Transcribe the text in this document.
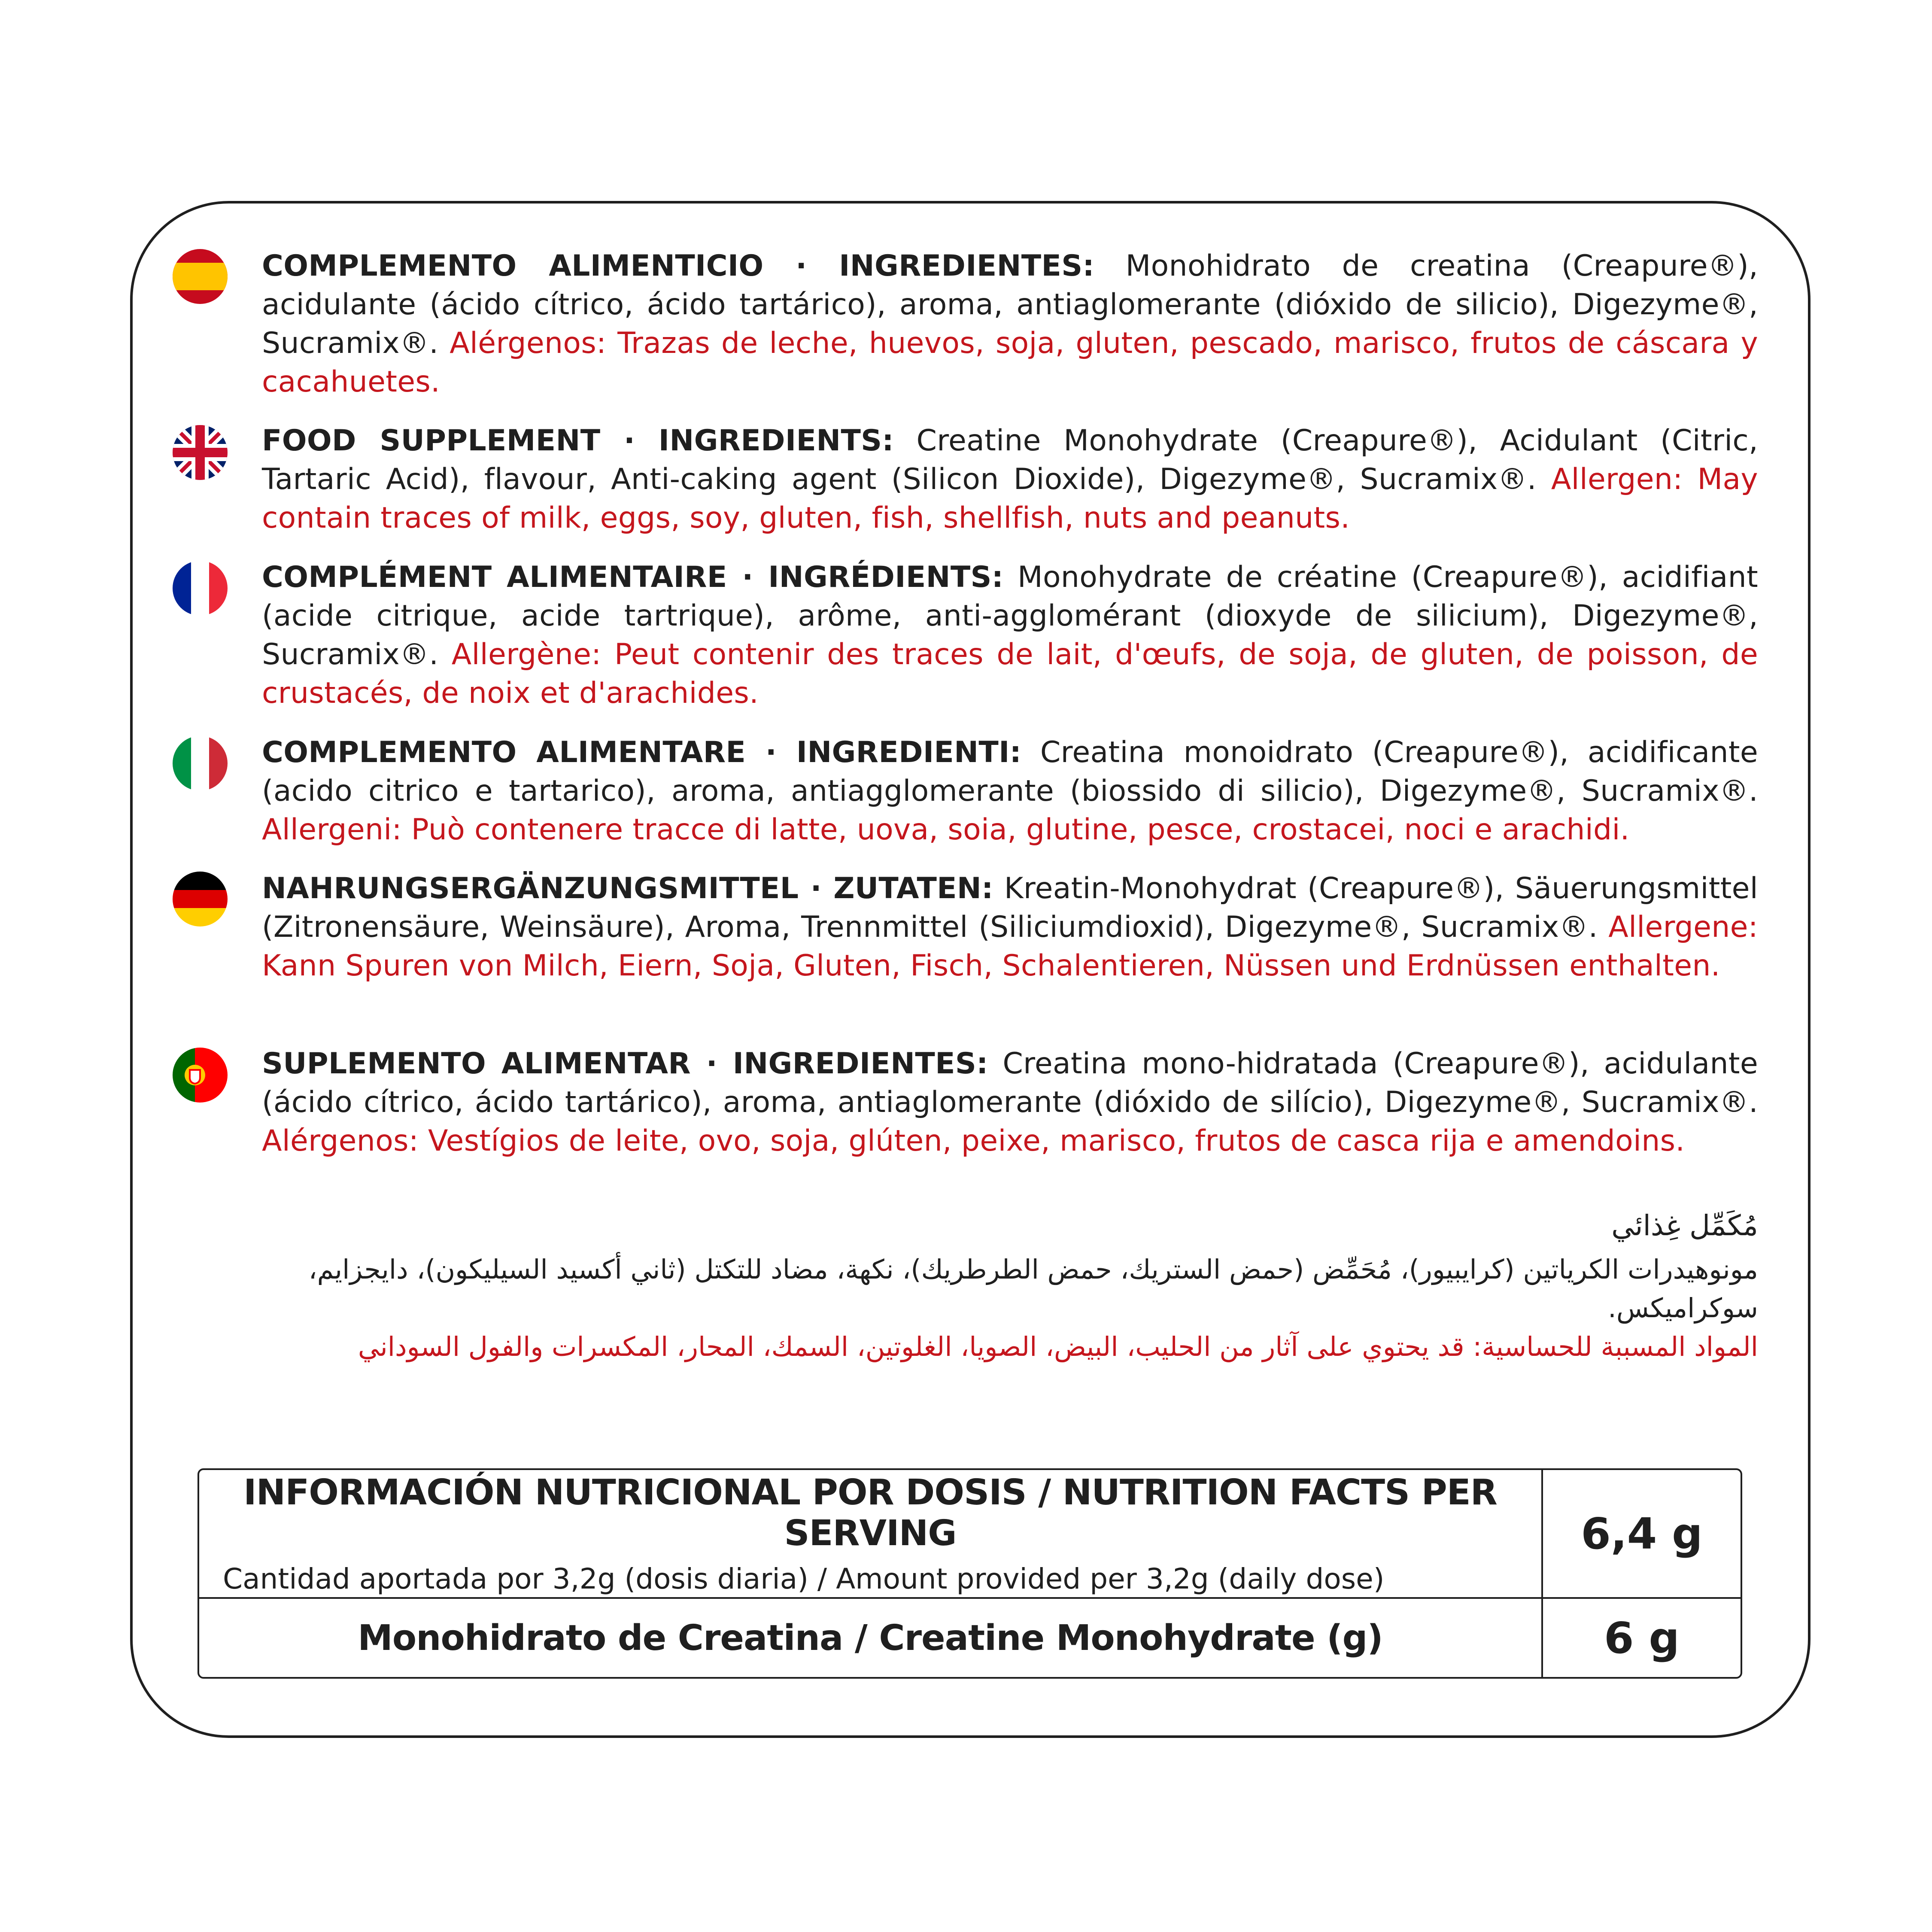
COMPLEMENTO ALIMENTICIO · INGREDIENTES: Monohidrato de creatina (Creapure®), acidulante (ácido cítrico, ácido tartárico), aroma, antiaglomerante (dióxido de silicio), Digezyme®, Sucramix®. Alérgenos: Trazas de leche, huevos, soja, gluten, pescado, marisco, frutos de cáscara y cacahuetes.
FOOD SUPPLEMENT · INGREDIENTS: Creatine Monohydrate (Creapure®), Acidulant (Citric, Tartaric Acid), flavour, Anti-caking agent (Silicon Dioxide), Digezyme®, Sucramix®. Allergen: May contain traces of milk, eggs, soy, gluten, fish, shellfish, nuts and peanuts.
COMPLÉMENT ALIMENTAIRE · INGRÉDIENTS: Monohydrate de créatine (Creapure®), acidifiant (acide citrique, acide tartrique), arôme, anti-agglomérant (dioxyde de silicium), Digezyme®, Sucramix®. Allergène: Peut contenir des traces de lait, d'œufs, de soja, de gluten, de poisson, de crustacés, de noix et d'arachides.
COMPLEMENTO ALIMENTARE · INGREDIENTI: Creatina monoidrato (Creapure®), acidificante (acido citrico e tartarico), aroma, antiagglomerante (biossido di silicio), Digezyme®, Sucramix®. Allergeni: Può contenere tracce di latte, uova, soia, glutine, pesce, crostacei, noci e arachidi.
NAHRUNGSERGÄNZUNGSMITTEL · ZUTATEN: Kreatin-Monohydrat (Creapure®), Säuerungsmittel (Zitronensäure, Weinsäure), Aroma, Trennmittel (Siliciumdioxid), Digezyme®, Sucramix®. Allergene: Kann Spuren von Milch, Eiern, Soja, Gluten, Fisch, Schalentieren, Nüssen und Erdnüssen enthalten.
SUPLEMENTO ALIMENTAR · INGREDIENTES: Creatina mono-hidratada (Creapure®), acidulante (ácido cítrico, ácido tartárico), aroma, antiaglomerante (dióxido de silício), Digezyme®, Sucramix®. Alérgenos: Vestígios de leite, ovo, soja, glúten, peixe, marisco, frutos de casca rija e amendoins.
مُكَمِّل غِذائي
مونوهيدرات الكرياتين (كرايبيور)، مُحَمِّض (حمض الستريك، حمض الطرطريك)، نكهة، مضاد للتكتل (ثاني أكسيد السيليكون)، دايجزايم، سوكراميكس.
المواد المسببة للحساسية: قد يحتوي على آثار من الحليب، البيض، الصويا، الغلوتين، السمك، المحار، المكسرات والفول السوداني
INFORMACIÓN NUTRICIONAL POR DOSIS / NUTRITION FACTS PER SERVING
Cantidad aportada por 3,2g (dosis diaria) / Amount provided per 3,2g (daily dose)	6,4 g
Monohidrato de Creatina / Creatine Monohydrate (g)	6 g
